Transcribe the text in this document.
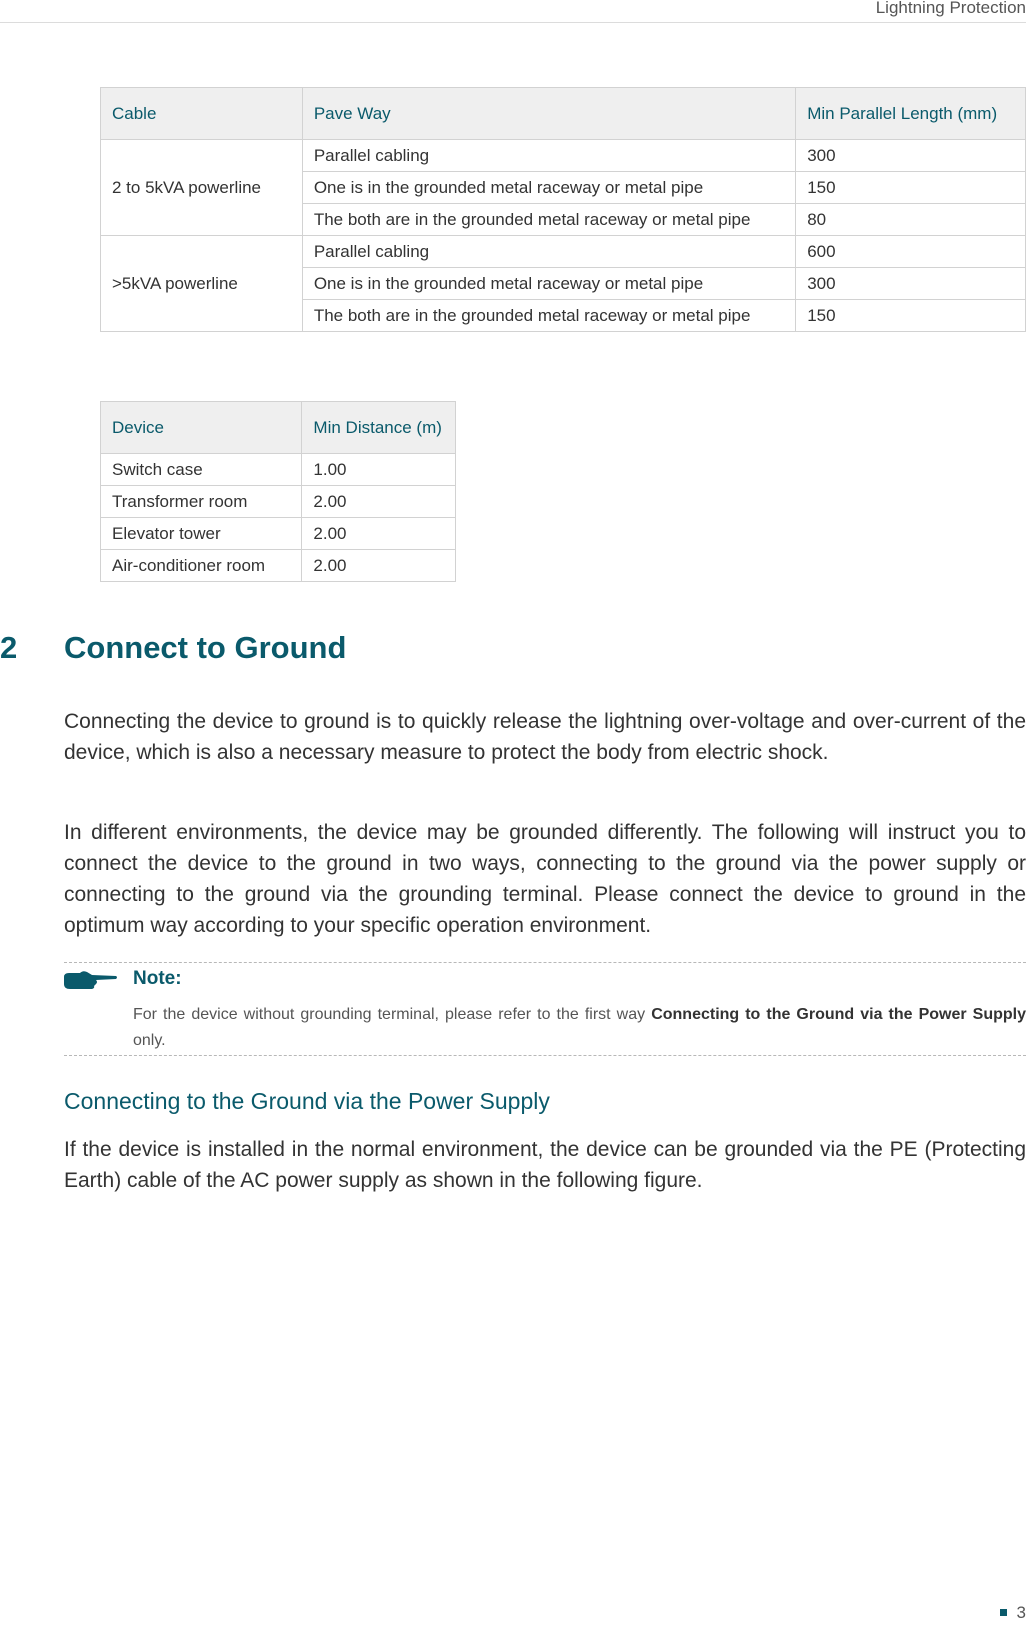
Lightning Protection
Cable	Pave Way	Min Parallel Length (mm)
2 to 5kVA powerline	Parallel cabling	300
	One is in the grounded metal raceway or metal pipe	150
	The both are in the grounded metal raceway or metal pipe	80
>5kVA powerline	Parallel cabling	600
	One is in the grounded metal raceway or metal pipe	300
	The both are in the grounded metal raceway or metal pipe	150
Device	Min Distance (m)
Switch case	1.00
Transformer room	2.00
Elevator tower	2.00
Air-conditioner room	2.00
2 Connect to Ground

Connecting the device to ground is to quickly release the lightning over-voltage and over-current of the device, which is also a necessary measure to protect the body from electric shock.

In different environments, the device may be grounded differently. The following will instruct you to connect the device to the ground in two ways, connecting to the ground via the power supply or connecting to the ground via the grounding terminal. Please connect the device to ground in the optimum way according to your specific operation environment.

Note:

For the device without grounding terminal, please refer to the first way Connecting to the Ground via the Power Supply only.

Connecting to the Ground via the Power Supply

If the device is installed in the normal environment, the device can be grounded via the PE (Protecting Earth) cable of the AC power supply as shown in the following figure.

3
